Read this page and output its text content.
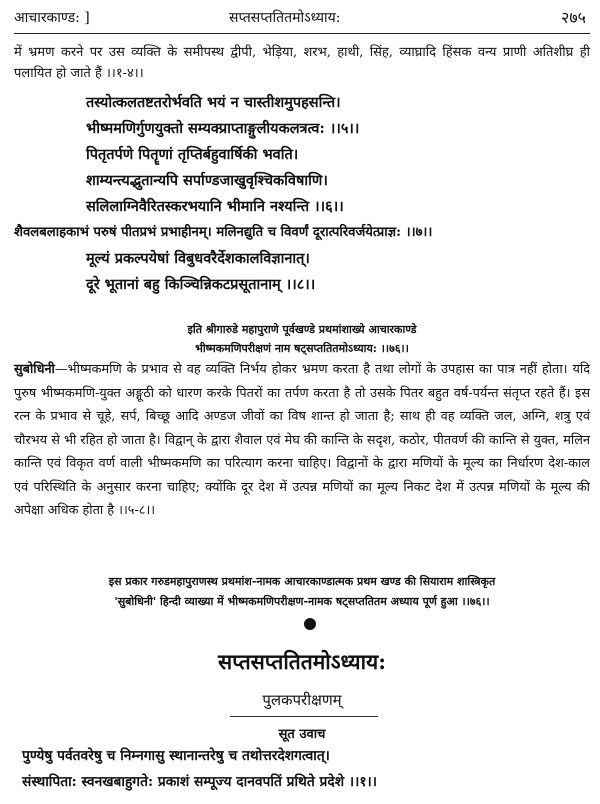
आचारकाण्ड: ]	सप्तसप्ततितमोऽध्याय:	२७५
में भ्रमण करने पर उस व्यक्ति के समीपस्थ द्वीपी, भेड़िया, शरभ, हाथी, सिंह, व्याघ्रादि हिंसक वन्य प्राणी अतिशीघ्र ही पलायित हो जाते हैं ।।१-४।।
तस्योत्कलतष्टतरोर्भवति भयं न चास्तीशमुपहसन्ति।
भीष्ममणिर्गुणयुक्तो सम्यक्प्राप्ताङ्गुलीयकलत्रत्व: ।।५।।
पितृतर्पणे पितॄणां तृप्तिर्बहुवार्षिकी भवति।
शाम्यन्त्यद्भुतान्यपि सर्पाण्डजाखुवृश्चिकविषाणि।
सलिलाग्निवैरितस्करभयानि भीमानि नश्यन्ति ।।६।।
शैवलबलाहकाभं परुषं पीतप्रभं प्रभाहीनम्। मलिनद्युति च विवर्णं दूरात्परिवर्जयेत्प्राज्ञ: ।।७।।
मूल्यं प्रकल्पयेषां विबुधवरैर्देशकालविज्ञानात्।
दूरे भूतानां बहु किञ्चिन्निकटप्रसूतानाम् ।।८।।
इति श्रीगारुडे महापुराणे पूर्वखण्डे प्रथमांशाख्ये आचारकाण्डे
भीष्मकमणिपरीक्षणं नाम षट्सप्ततितमोऽध्याय: ।।७६।।
सुबोधिनी—भीष्मकमणि के प्रभाव से वह व्यक्ति निर्भय होकर भ्रमण करता है तथा लोगों के उपहास का पात्र नहीं होता। यदि पुरुष भीष्मकमणि-युक्त अङ्गूठी को धारण करके पितरों का तर्पण करता है तो उसके पितर बहुत वर्ष-पर्यन्त संतृप्त रहते हैं। इस रत्न के प्रभाव से चूहे, सर्प, बिच्छू आदि अण्डज जीवों का विष शान्त हो जाता है; साथ ही वह व्यक्ति जल, अग्नि, शत्रु एवं चौरभय से भी रहित हो जाता है। विद्वान् के द्वारा शैवाल एवं मेघ की कान्ति के सदृश, कठोर, पीतवर्ण की कान्ति से युक्त, मलिन कान्ति एवं विकृत वर्ण वाली भीष्मकमणि का परित्याग करना चाहिए। विद्वानों के द्वारा मणियों के मूल्य का निर्धारण देश-काल एवं परिस्थिति के अनुसार करना चाहिए; क्योंकि दूर देश में उत्पन्न मणियों का मूल्य निकट देश में उत्पन्न मणियों के मूल्य की अपेक्षा अधिक होता है ।।५-८।।
इस प्रकार गरुडमहापुराणस्थ प्रथमांश-नामक आचारकाण्डात्मक प्रथम खण्ड की सियाराम शास्त्रिकृत
'सुबोधिनी' हिन्दी व्याख्या में भीष्मकमणिपरीक्षण-नामक षट्सप्ततितम अध्याय पूर्ण हुआ ।।७६।।
सप्तसप्ततितमोऽध्याय:
पुलकपरीक्षणम्
सूत उवाच
पुण्येषु पर्वतवरेषु च निम्नगासु स्थानान्तरेषु च तथोत्तरदेशगत्वात्।
संस्थापिता: स्वनखबाहुगते: प्रकाशं सम्पूज्य दानवपतिं प्रथिते प्रदेशे ।।१।।
